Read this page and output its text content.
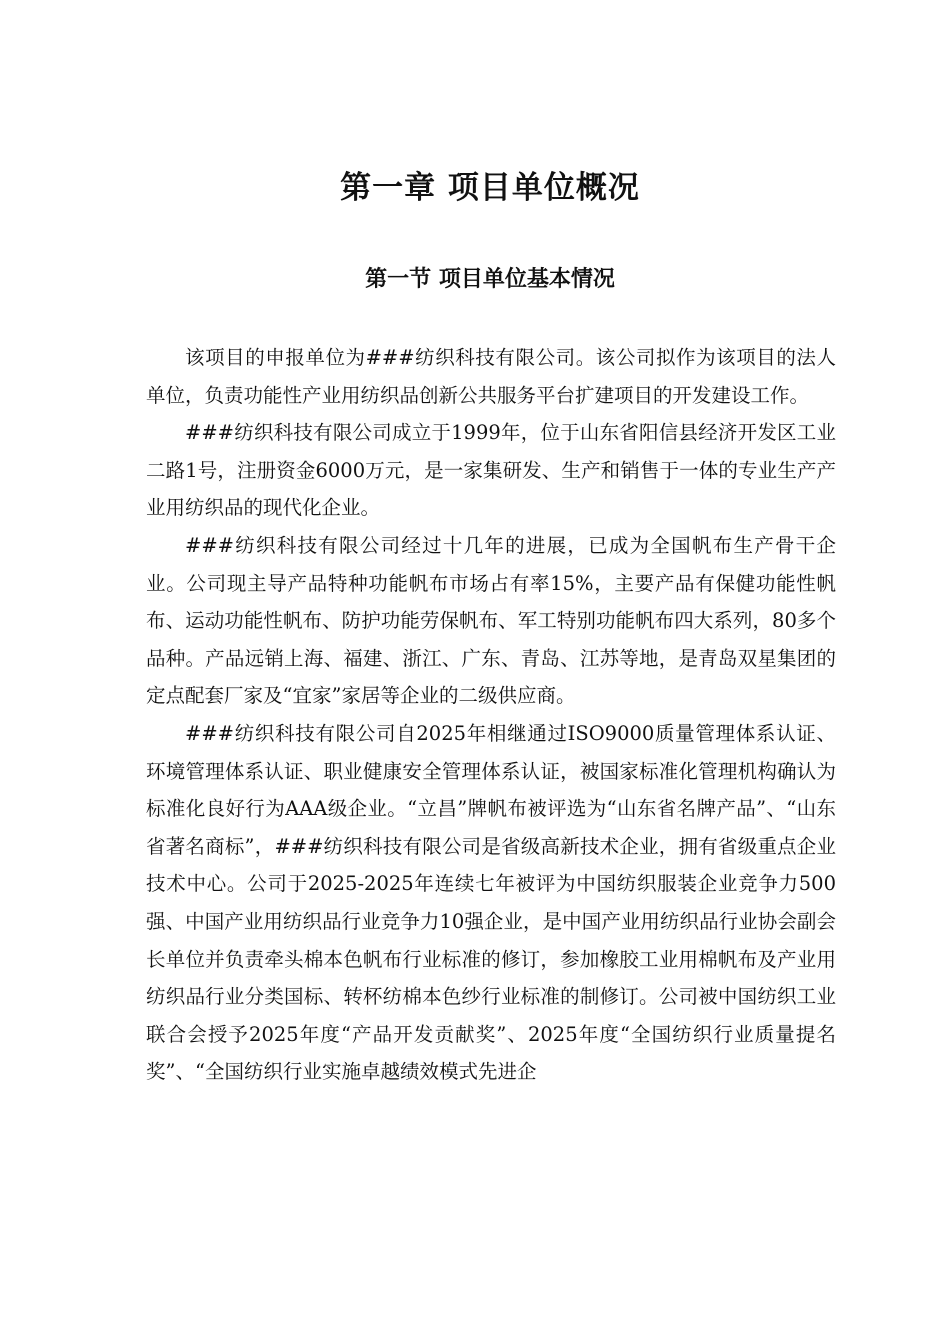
第一章 项目单位概况
第一节 项目单位基本情况

该项目的申报单位为###纺织科技有限公司。该公司拟作为该项目的法人单位，负责功能性产业用纺织品创新公共服务平台扩建项目的开发建设工作。

###纺织科技有限公司成立于1999年，位于山东省阳信县经济开发区工业二路1号，注册资金6000万元，是一家集研发、生产和销售于一体的专业生产产业用纺织品的现代化企业。

###纺织科技有限公司经过十几年的进展，已成为全国帆布生产骨干企业。公司现主导产品特种功能帆布市场占有率15%，主要产品有保健功能性帆布、运动功能性帆布、防护功能劳保帆布、军工特别功能帆布四大系列，80多个品种。产品远销上海、福建、浙江、广东、青岛、江苏等地，是青岛双星集团的定点配套厂家及“宜家”家居等企业的二级供应商。

###纺织科技有限公司自2025年相继通过ISO9000质量管理体系认证、环境管理体系认证、职业健康安全管理体系认证，被国家标准化管理机构确认为标准化良好行为AAA级企业。“立昌”牌帆布被评选为“山东省名牌产品”、“山东省著名商标”，###纺织科技有限公司是省级高新技术企业，拥有省级重点企业技术中心。公司于2025-2025年连续七年被评为中国纺织服装企业竞争力500强、中国产业用纺织品行业竞争力10强企业，是中国产业用纺织品行业协会副会长单位并负责牵头棉本色帆布行业标准的修订，参加橡胶工业用棉帆布及产业用纺织品行业分类国标、转杯纺棉本色纱行业标准的制修订。公司被中国纺织工业联合会授予2025年度“产品开发贡献奖”、2025年度“全国纺织行业质量提名奖”、“全国纺织行业实施卓越绩效模式先进企
